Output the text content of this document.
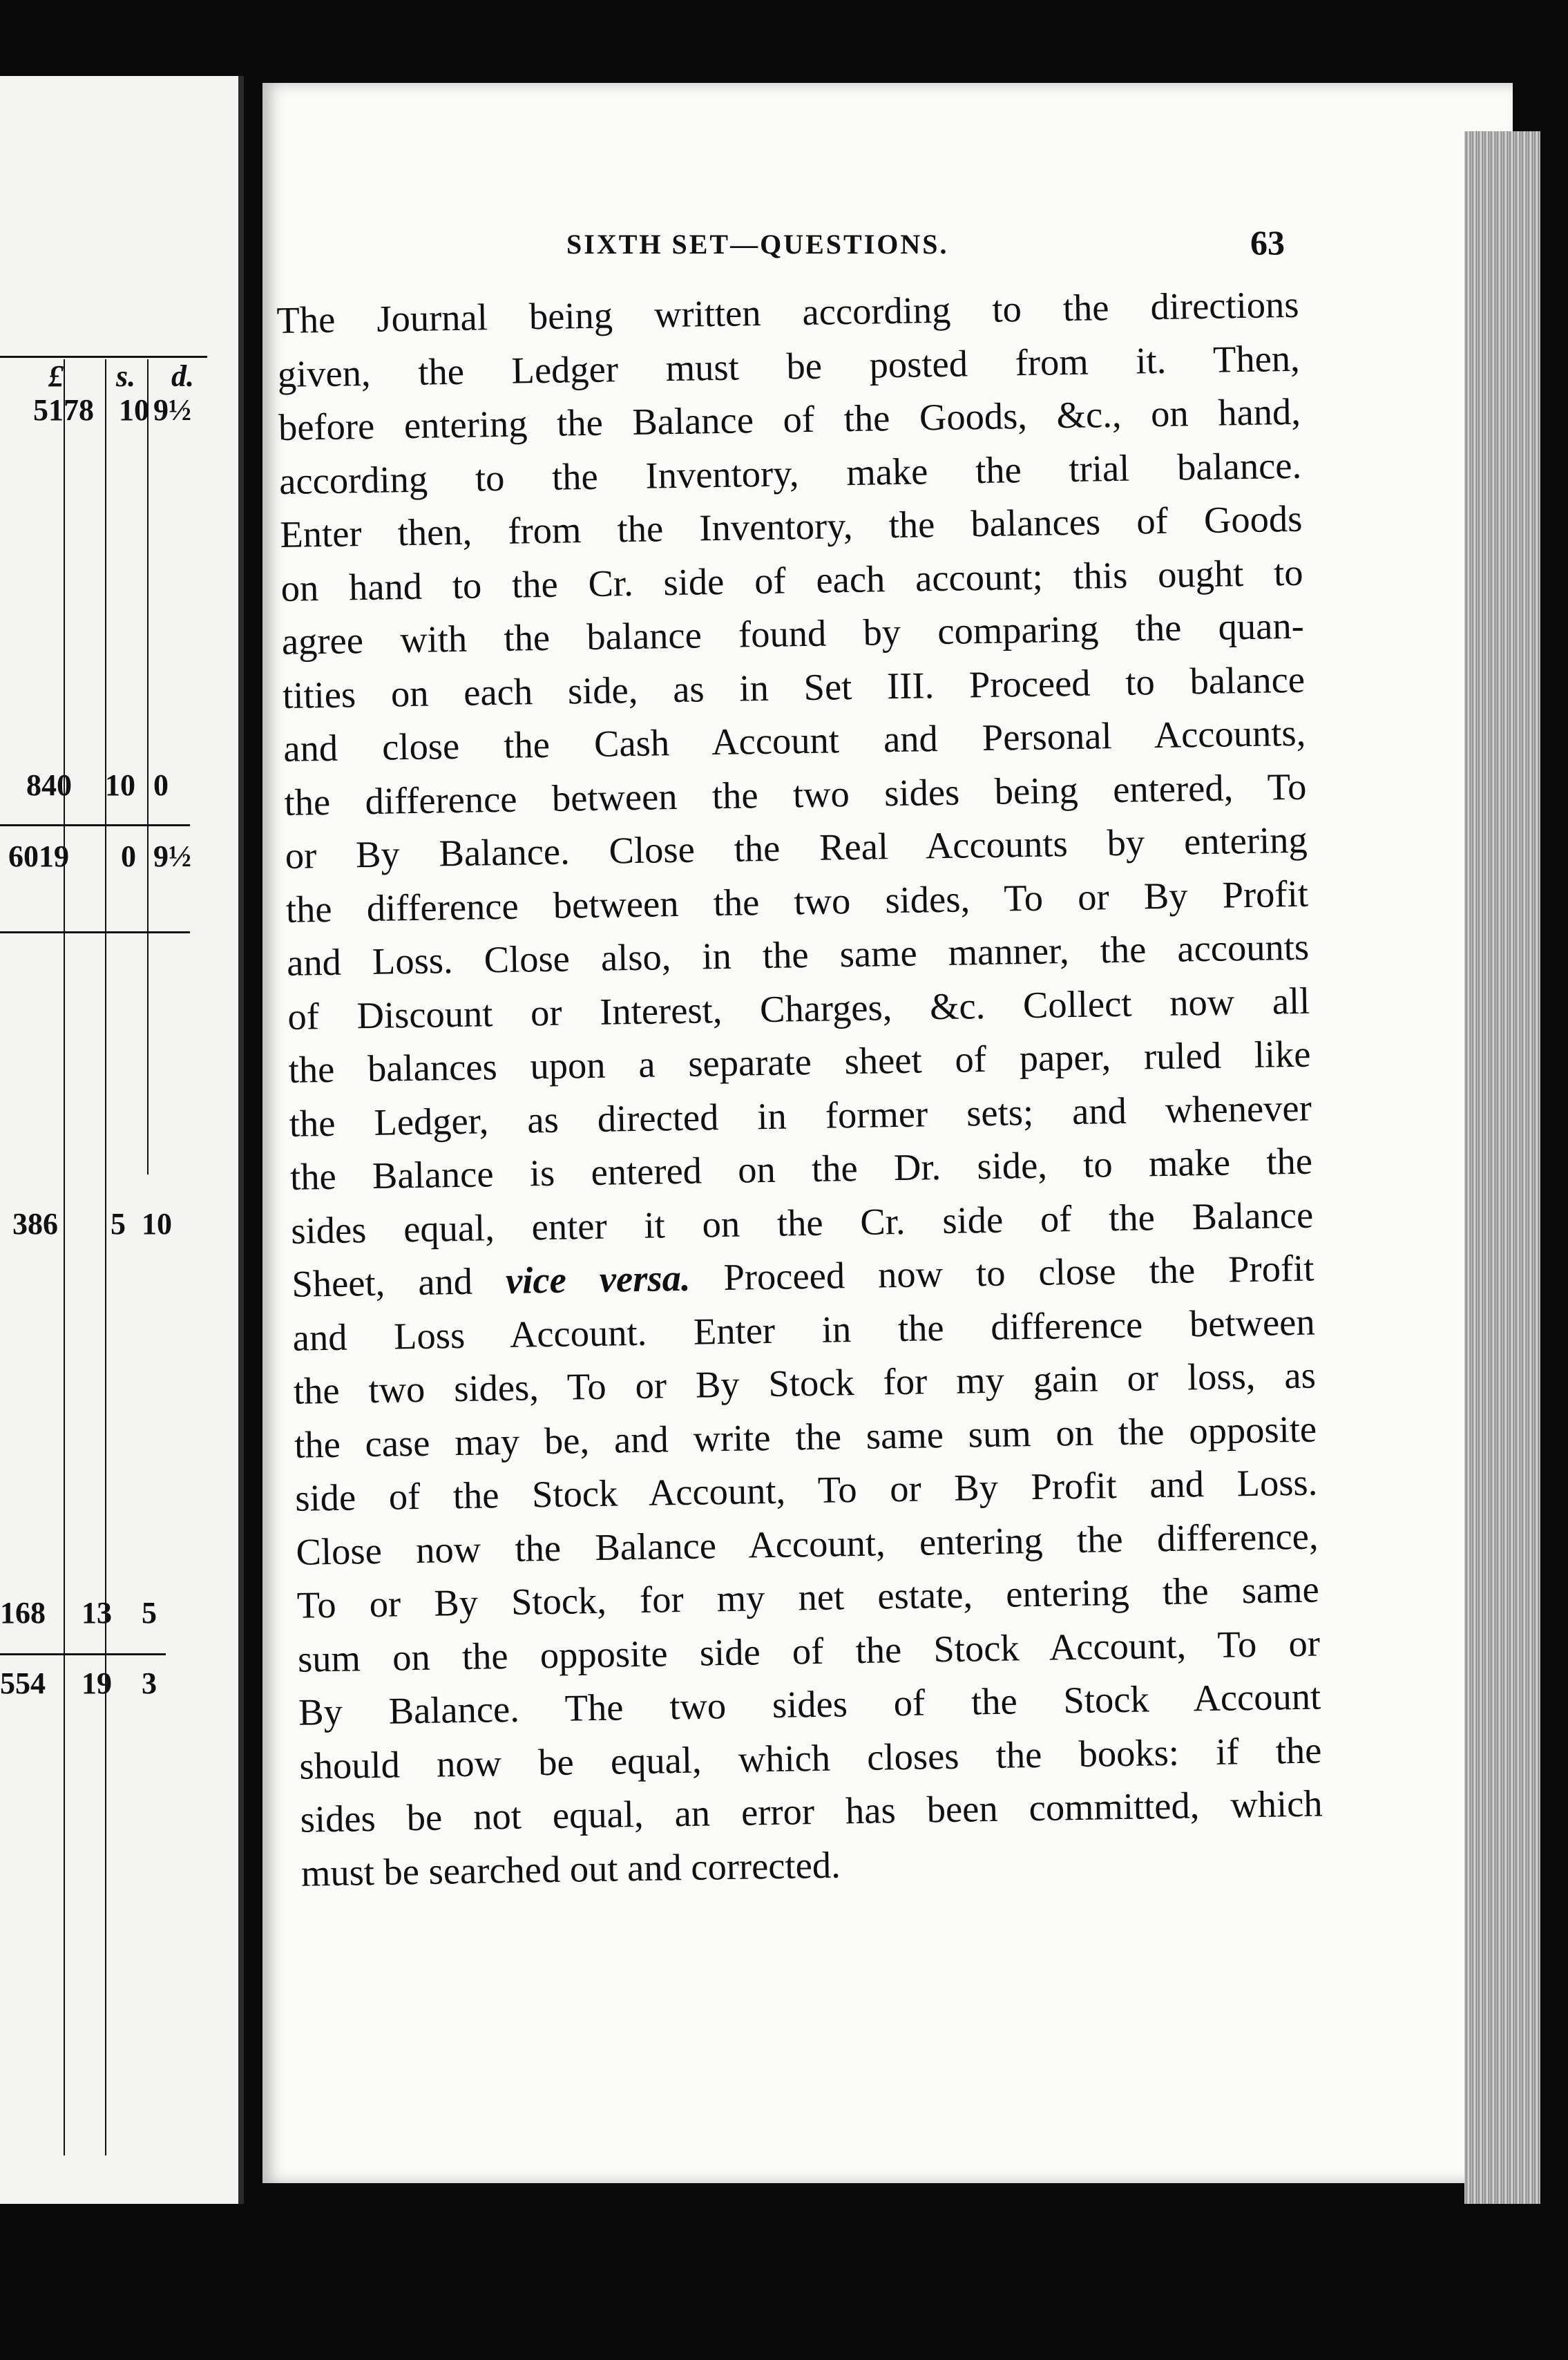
£ s. d.
5178 10 9½
840 10 0
6019 0 9½
386 5 10
168 13 5
554 19 3
SIXTH SET—QUESTIONS.	63
The Journal being written according to the directions
given, the Ledger must be posted from it. Then,
before entering the Balance of the Goods, &c., on hand,
according to the Inventory, make the trial balance.
Enter then, from the Inventory, the balances of Goods
on hand to the Cr. side of each account; this ought to
agree with the balance found by comparing the quan-
tities on each side, as in Set III. Proceed to balance
and close the Cash Account and Personal Accounts,
the difference between the two sides being entered, To
or By Balance. Close the Real Accounts by entering
the difference between the two sides, To or By Profit
and Loss. Close also, in the same manner, the accounts
of Discount or Interest, Charges, &c. Collect now all
the balances upon a separate sheet of paper, ruled like
the Ledger, as directed in former sets; and whenever
the Balance is entered on the Dr. side, to make the
sides equal, enter it on the Cr. side of the Balance
Sheet, and vice versa. Proceed now to close the Profit
and Loss Account. Enter in the difference between
the two sides, To or By Stock for my gain or loss, as
the case may be, and write the same sum on the opposite
side of the Stock Account, To or By Profit and Loss.
Close now the Balance Account, entering the difference,
To or By Stock, for my net estate, entering the same
sum on the opposite side of the Stock Account, To or
By Balance. The two sides of the Stock Account
should now be equal, which closes the books: if the
sides be not equal, an error has been committed, which
must be searched out and corrected.
